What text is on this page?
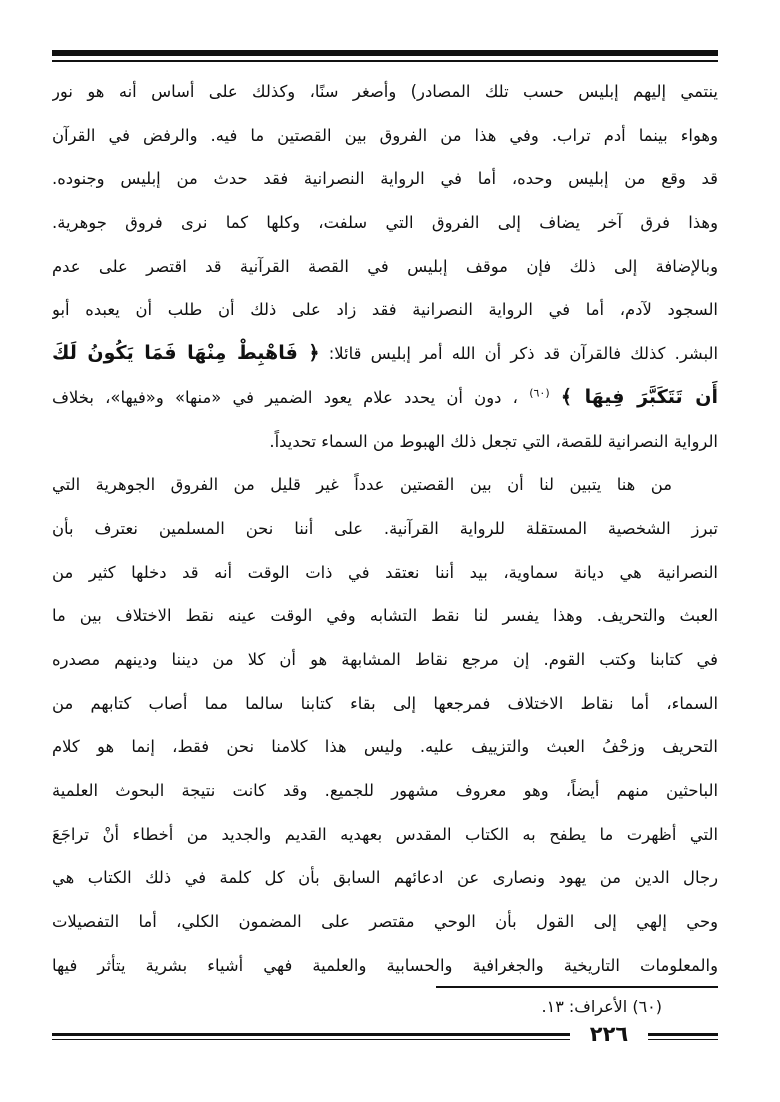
ينتمي إليهم إبليس حسب تلك المصادر) وأصغر سنًا، وكذلك على أساس أنه هو نور
وهواء بينما أدم تراب. وفي هذا من الفروق بين القصتين ما فيه. والرفض في القرآن
قد وقع من إبليس وحده، أما في الرواية النصرانية فقد حدث من إبليس وجنوده.
وهذا فرق آخر يضاف إلى الفروق التي سلفت، وكلها كما نرى فروق جوهرية.
وبالإضافة إلى ذلك فإن موقف إبليس في القصة القرآنية قد اقتصر على عدم
السجود لآدم، أما في الرواية النصرانية فقد زاد على ذلك أن طلب أن يعبده أبو
البشر. كذلك فالقرآن قد ذكر أن الله أمر إبليس قائلا: ﴿ فَاهْبِطْ مِنْهَا فَمَا يَكُونُ لَكَ
أَن تَتَكَبَّرَ فِيهَا ﴾ $^{(٦٠)}$ ، دون أن يحدد علام يعود الضمير في «منها» و«فيها»، بخلاف
الرواية النصرانية للقصة، التي تجعل ذلك الهبوط من السماء تحديداً.
من هنا يتبين لنا أن بين القصتين عدداً غير قليل من الفروق الجوهرية التي
تبرز الشخصية المستقلة للرواية القرآنية. على أننا نحن المسلمين نعترف بأن
النصرانية هي ديانة سماوية، بيد أننا نعتقد في ذات الوقت أنه قد دخلها كثير من
العبث والتحريف. وهذا يفسر لنا نقط التشابه وفي الوقت عينه نقط الاختلاف بين ما
في كتابنا وكتب القوم. إن مرجع نقاط المشابهة هو أن كلا من ديننا ودينهم مصدره
السماء، أما نقاط الاختلاف فمرجعها إلى بقاء كتابنا سالما مما أصاب كتابهم من
التحريف وزحْفُ العبث والتزييف عليه. وليس هذا كلامنا نحن فقط، إنما هو كلام
الباحثين منهم أيضاً، وهو معروف مشهور للجميع. وقد كانت نتيجة البحوث العلمية
التي أظهرت ما يطفح به الكتاب المقدس بعهديه القديم والجديد من أخطاء أنْ تراجَعَ
رجال الدين من يهود ونصارى عن ادعائهم السابق بأن كل كلمة في ذلك الكتاب هي
وحي إلهي إلى القول بأن الوحي مقتصر على المضمون الكلي، أما التفصيلات
والمعلومات التاريخية والجغرافية والحسابية والعلمية فهي أشياء بشرية يتأثر فيها
(٦٠) الأعراف: ١٣.
٢٢٦
